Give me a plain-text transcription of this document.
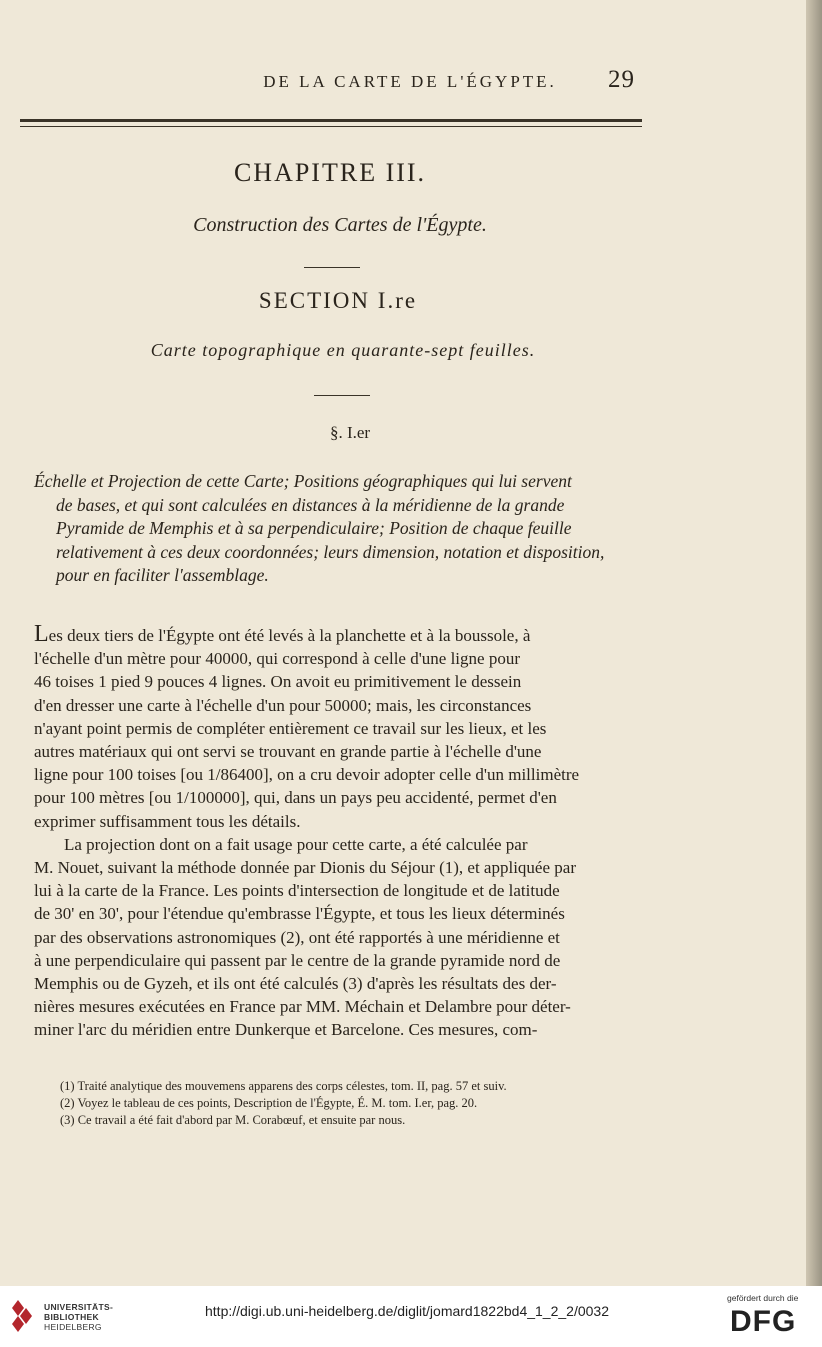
DE LA CARTE DE L'ÉGYPTE.	29
CHAPITRE III.
Construction des Cartes de l'Égypte.
SECTION I.re
Carte topographique en quarante-sept feuilles.
§. I.er
Échelle et Projection de cette Carte; Positions géographiques qui lui servent
de bases, et qui sont calculées en distances à la méridienne de la grande
Pyramide de Memphis et à sa perpendiculaire; Position de chaque feuille
relativement à ces deux coordonnées; leurs dimension, notation et disposition,
pour en faciliter l'assemblage.
Les deux tiers de l'Égypte ont été levés à la planchette et à la boussole, à
l'échelle d'un mètre pour 40000, qui correspond à celle d'une ligne pour
46 toises 1 pied 9 pouces 4 lignes. On avoit eu primitivement le dessein
d'en dresser une carte à l'échelle d'un pour 50000; mais, les circonstances
n'ayant point permis de compléter entièrement ce travail sur les lieux, et les
autres matériaux qui ont servi se trouvant en grande partie à l'échelle d'une
ligne pour 100 toises [ou 1/86400], on a cru devoir adopter celle d'un millimètre
pour 100 mètres [ou 1/100000], qui, dans un pays peu accidenté, permet d'en
exprimer suffisamment tous les détails.
La projection dont on a fait usage pour cette carte, a été calculée par
M. Nouet, suivant la méthode donnée par Dionis du Séjour (1), et appliquée par
lui à la carte de la France. Les points d'intersection de longitude et de latitude
de 30' en 30', pour l'étendue qu'embrasse l'Égypte, et tous les lieux déterminés
par des observations astronomiques (2), ont été rapportés à une méridienne et
à une perpendiculaire qui passent par le centre de la grande pyramide nord de
Memphis ou de Gyzeh, et ils ont été calculés (3) d'après les résultats des der-
nières mesures exécutées en France par MM. Méchain et Delambre pour déter-
miner l'arc du méridien entre Dunkerque et Barcelone. Ces mesures, com-
(1) Traité analytique des mouvemens apparens des corps célestes, tom. II, pag. 57 et suiv.
(2) Voyez le tableau de ces points, Description de l'Égypte, É. M. tom. I.er, pag. 20.
(3) Ce travail a été fait d'abord par M. Corabœuf, et ensuite par nous.
UNIVERSITÄTS-
BIBLIOTHEK
HEIDELBERG
http://digi.ub.uni-heidelberg.de/diglit/jomard1822bd4_1_2_2/0032
gefördert durch die
DFG
